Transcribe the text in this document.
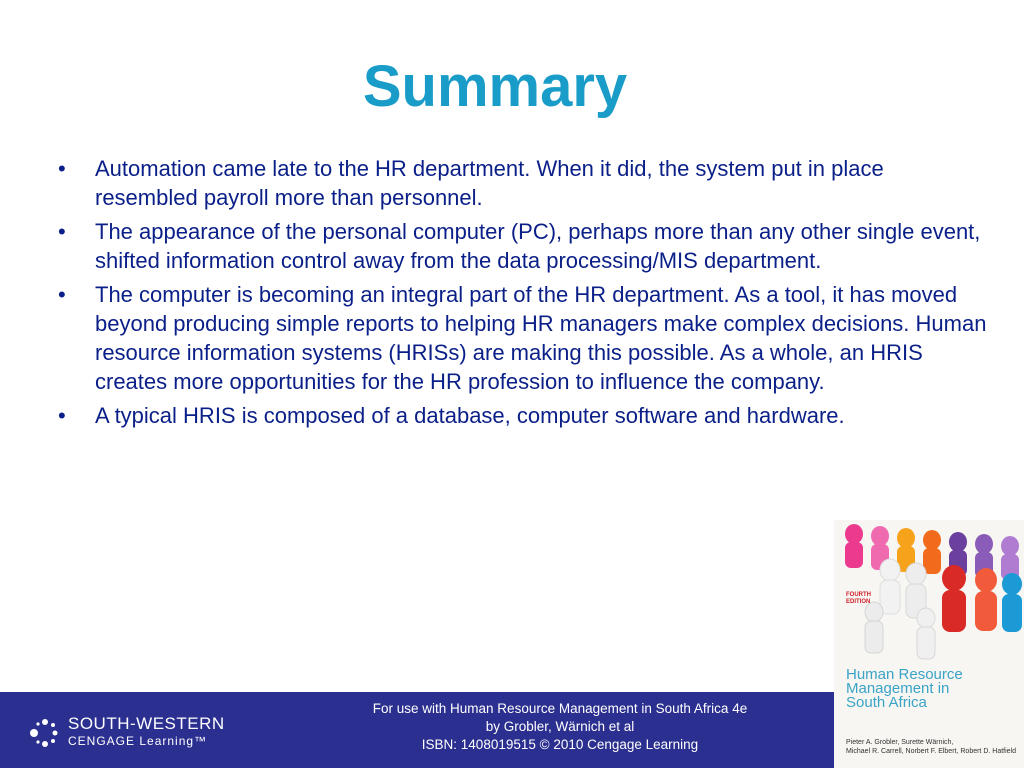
Summary
• Automation came late to the HR department. When it did, the system put in place resembled payroll more than personnel.
• The appearance of the personal computer (PC), perhaps more than any other single event, shifted information control away from the data processing/MIS department.
• The computer is becoming an integral part of the HR department. As a tool, it has moved beyond producing simple reports to helping HR managers make complex decisions. Human resource information systems (HRISs) are making this possible. As a whole, an HRIS creates more opportunities for the HR profession to influence the company.
• A typical HRIS is composed of a database, computer software and hardware.
SOUTH-WESTERN
CENGAGE Learning™
For use with Human Resource Management in South Africa 4e
by Grobler, Wärnich et al
ISBN: 1408019515 © 2010 Cengage Learning
FOURTH EDITION
Human Resource Management in South Africa
Pieter A. Grobler, Surette Wärnich,
Michael R. Carrell, Norbert F. Elbert, Robert D. Hatfield
